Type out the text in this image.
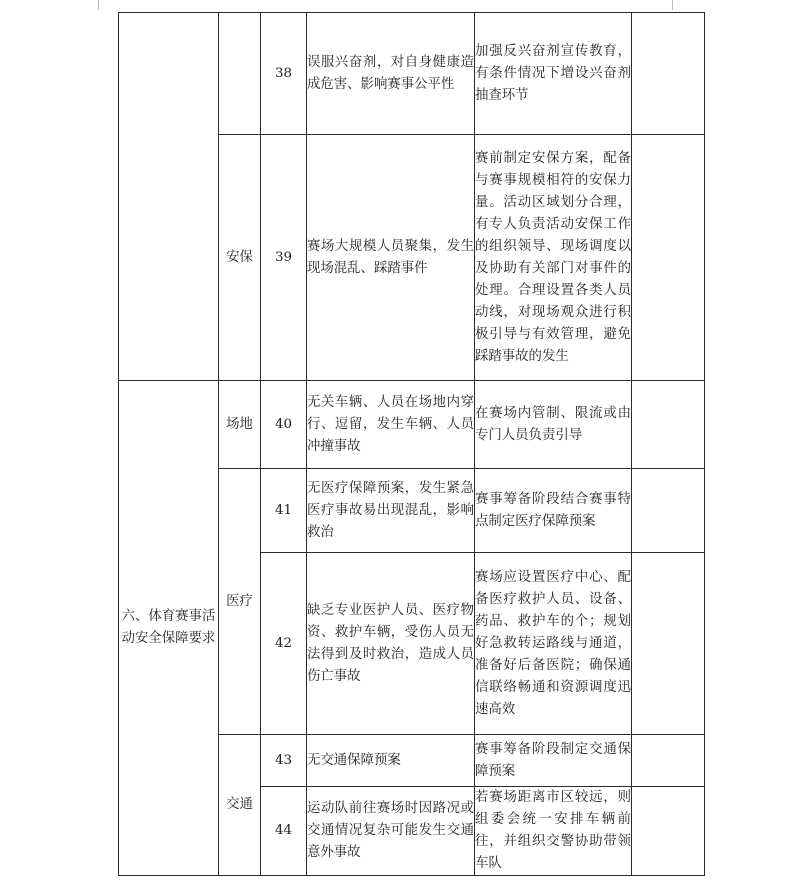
		38	误服兴奋剂，对自身健康造成危害、影响赛事公平性	加强反兴奋剂宣传教育，有条件情况下增设兴奋剂抽查环节	

	安保	39	赛场大规模人员聚集，发生现场混乱、踩踏事件	赛前制定安保方案，配备与赛事规模相符的安保力量。活动区域划分合理，有专人负责活动安保工作的组织领导、现场调度以及协助有关部门对事件的处理。合理设置各类人员动线，对现场观众进行积极引导与有效管理，避免踩踏事故的发生	

六、体育赛事活动安全保障要求	场地	40	无关车辆、人员在场地内穿行、逗留，发生车辆、人员冲撞事故	在赛场内管制、限流或由专门人员负责引导	

	医疗	41	无医疗保障预案，发生紧急医疗事故易出现混乱，影响救治	赛事筹备阶段结合赛事特点制定医疗保障预案	

		42	缺乏专业医护人员、医疗物资、救护车辆，受伤人员无法得到及时救治，造成人员伤亡事故	赛场应设置医疗中心、配备医疗救护人员、设备、药品、救护车的个；规划好急救转运路线与通道，准备好后备医院；确保通信联络畅通和资源调度迅速高效	

	交通	43	无交通保障预案	赛事筹备阶段制定交通保障预案	

		44	运动队前往赛场时因路况或交通情况复杂可能发生交通意外事故	若赛场距离市区较远，则组委会统一安排车辆前往，并组织交警协助带领车队	
